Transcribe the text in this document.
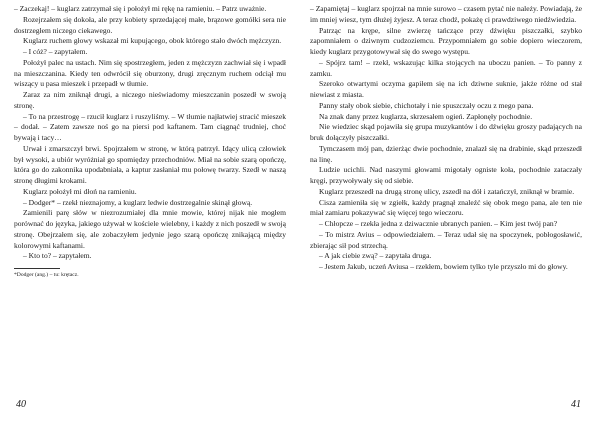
– Zaczekaj! – kuglarz zatrzymał się i położył mi rękę na ramieniu. – Patrz uważnie.

Rozejrzałem się dokoła, ale przy kobiety sprzedającej małe, brązowe gomółki sera nie dostrzegłem niczego ciekawego.

Kuglarz ruchem głowy wskazał mi kupującego, obok którego stało dwóch mężczyzn.

– I cóż? – zapytałem.

Położył palec na ustach. Nim się spostrzegłem, jeden z mężczyzn zachwiał się i wpadł na mieszczanina. Kiedy ten odwrócił się oburzony, drugi zręcznym ruchem odciął mu wiszący u pasa mieszek i przepadł w tłumie.

Zaraz za nim zniknął drugi, a niczego nieświadomy mieszczanin poszedł w swoją stronę.

– To na przestrogę – rzucił kuglarz i ruszyliśmy. – W tłumie najłatwiej stracić mieszek – dodał. – Zatem zawsze noś go na piersi pod kaftanem. Tam ciągnąć trudniej, choć bywają i tacy…

Urwał i zmarszczył brwi. Spojrzałem w stronę, w którą patrzył. Idący ulicą człowiek był wysoki, a ubiór wyróżniał go spomiędzy przechodniów. Miał na sobie szarą opończę, która go do zakonnika upodabniała, a kaptur zasłaniał mu połowę twarzy. Szedł w naszą stronę długimi krokami.

Kuglarz położył mi dłoń na ramieniu.

– Dodger* – rzekł nieznajomy, a kuglarz ledwie dostrzegalnie skinął głową.

Zamienili parę słów w niezrozumiałej dla mnie mowie, której nijak nie mogłem porównać do języka, jakiego używał w kościele wielebny, i każdy z nich poszedł w swoją stronę. Obejrzałem się, ale zobaczyłem jedynie jego szarą opończę znikającą między kolorowymi kaftanami.

– Kto to? – zapytałem.

*Dodger (ang.) – tu: krętacz.

– Zapamiętaj – kuglarz spojrzał na mnie surowo – czasem pytać nie należy. Powiadają, że im mniej wiesz, tym dłużej żyjesz. A teraz chodź, pokażę ci prawdziwego niedźwiedzia.

Patrząc na krępe, silne zwierzę tańczące przy dźwięku piszczałki, szybko zapomniałem o dziwnym cudzoziemcu. Przypomniałem go sobie dopiero wieczorem, kiedy kuglarz przygotowywał się do swego występu.

– Spójrz tam! – rzekł, wskazując kilka stojących na uboczu panien. – To panny z zamku.

Szeroko otwartymi oczyma gapiłem się na ich dziwne suknie, jakże różne od stał niewiast z miasta.

Panny stały obok siebie, chichotały i nie spuszczały oczu z mego pana.

Na znak dany przez kuglarza, skrzesałem ogień. Zapłonęły pochodnie.

Nie wiedziec skąd pojawiła się grupa muzykantów i do dźwięku groszy padających na bruk dołączyły piszczałki.

Tymczasem mój pan, dzierżąc dwie pochodnie, znalazł się na drabinie, skąd przeszedł na linę.

Ludzie ucichli. Nad naszymi głowami migotały ogniste koła, pochodnie zataczały kręgi, przywoływały się od siebie.

Kuglarz przeszedł na drugą stronę ulicy, zszedł na dół i zatańczył, zniknął w bramie.

Cisza zamieniła się w zgiełk, każdy pragnął znaleźć się obok mego pana, ale ten nie miał zamiaru pokazywać się więcej tego wieczoru.

– Chłopcze – rzekła jedna z dziwacznie ubranych panien. – Kim jest twój pan?

– To mistrz Avius – odpowiedziałem. – Teraz udał się na spoczynek, pobłogosławić, zbierając sił pod strzechą.

– A jak ciebie zwą? – zapytała druga.

– Jestem Jakub, uczeń Aviusa – rzekłem, bowiem tylko tyle przyszło mi do głowy.

40	41
